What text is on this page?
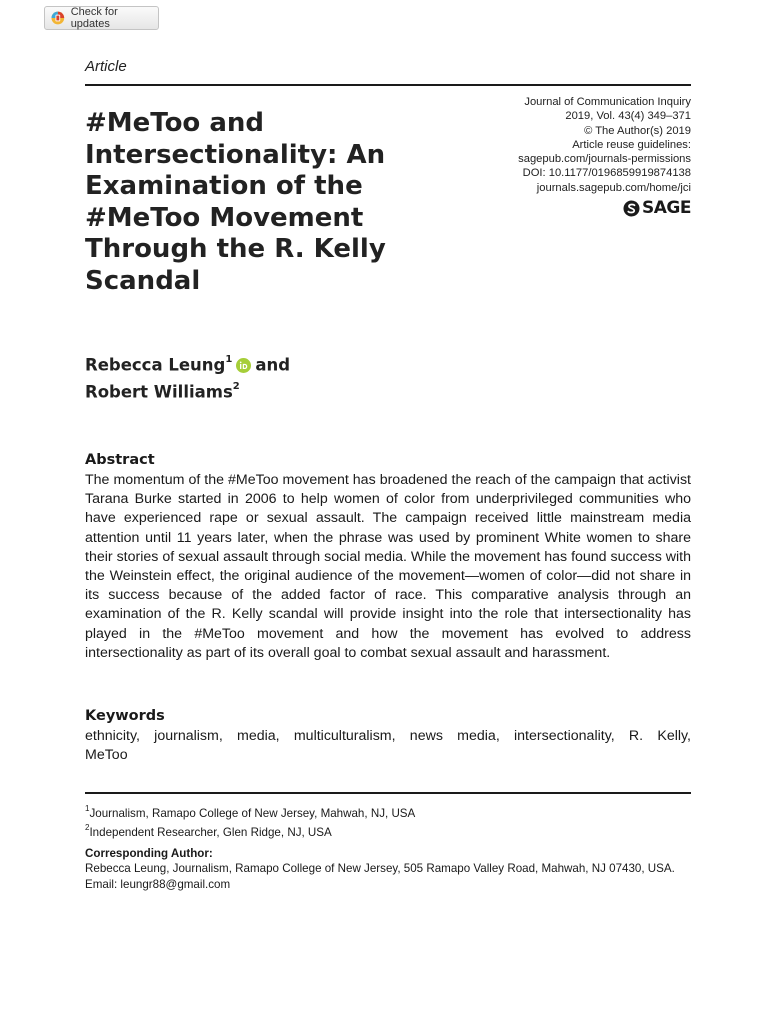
Check for updates
Article
#MeToo and
Intersectionality: An
Examination of the
#MeToo Movement
Through the R. Kelly
Scandal
Journal of Communication Inquiry
2019, Vol. 43(4) 349–371
© The Author(s) 2019
Article reuse guidelines:
sagepub.com/journals-permissions
DOI: 10.1177/0196859919874138
journals.sagepub.com/home/jci
SAGE
Rebecca Leung$^1$ and
Robert Williams$^2$
Abstract

The momentum of the #MeToo movement has broadened the reach of the campaign that activist Tarana Burke started in 2006 to help women of color from underprivileged communities who have experienced rape or sexual assault. The campaign received little mainstream media attention until 11 years later, when the phrase was used by prominent White women to share their stories of sexual assault through social media. While the movement has found success with the Weinstein effect, the original audience of the movement—women of color—did not share in its success because of the added factor of race. This comparative analysis through an examination of the R. Kelly scandal will provide insight into the role that intersectionality has played in the #MeToo movement and how the movement has evolved to address intersectionality as part of its overall goal to combat sexual assault and harassment.

Keywords

ethnicity, journalism, media, multiculturalism, news media, intersectionality, R. Kelly, MeToo

$^1$Journalism, Ramapo College of New Jersey, Mahwah, NJ, USA
$^2$Independent Researcher, Glen Ridge, NJ, USA
Corresponding Author:
Rebecca Leung, Journalism, Ramapo College of New Jersey, 505 Ramapo Valley Road, Mahwah, NJ 07430, USA.
Email: leungr88@gmail.com
